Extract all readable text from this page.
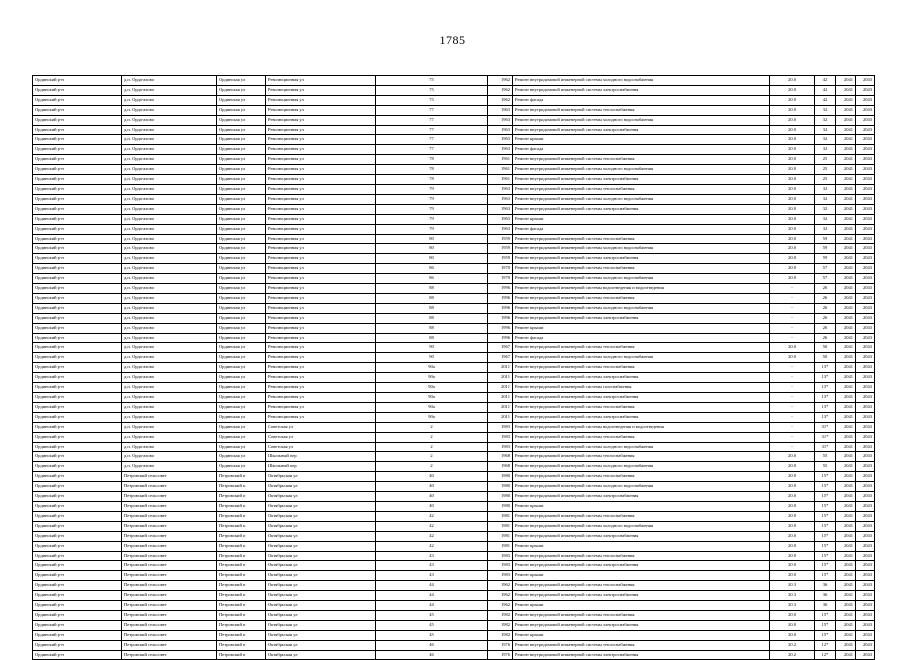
1785
Ординский р-н	д.п. Орда-ахово	Ординская ул	Революционная ул	75	1962	Ремонт внутридомовой инженерной системы холодного водоснабжения	20.0	42	2041	2043
Ординский р-н	д.п. Орда-ахово	Ординская ул	Революционная ул	75	1962	Ремонт внутридомовой инженерной системы электроснабжения	20.0	42	2041	2043
Ординский р-н	д.п. Орда-ахово	Ординская ул	Революционная ул	75	1962	Ремонт фасада	20.0	42	2041	2043
Ординский р-н	д.п. Орда-ахово	Ординская ул	Революционная ул	77	1963	Ремонт внутридомовой инженерной системы теплоснабжения	20.0	32	2041	2043
Ординский р-н	д.п. Орда-ахово	Ординская ул	Революционная ул	77	1963	Ремонт внутридомовой инженерной системы холодного водоснабжения	20.0	32	2041	2043
Ординский р-н	д.п. Орда-ахово	Ординская ул	Революционная ул	77	1963	Ремонт внутридомовой инженерной системы электроснабжения	20.0	32	2041	2043
Ординский р-н	д.п. Орда-ахово	Ординская ул	Революционная ул	77	1963	Ремонт крыши	20.0	32	2041	2043
Ординский р-н	д.п. Орда-ахово	Ординская ул	Революционная ул	77	1963	Ремонт фасада	20.0	32	2041	2043
Ординский р-н	д.п. Орда-ахово	Ординская ул	Революционная ул	78	1961	Ремонт внутридомовой инженерной системы теплоснабжения	20.0	25	2041	2043
Ординский р-н	д.п. Орда-ахово	Ординская ул	Революционная ул	78	1961	Ремонт внутридомовой инженерной системы холодного водоснабжения	20.0	25	2041	2043
Ординский р-н	д.п. Орда-ахово	Ординская ул	Революционная ул	78	1961	Ремонт внутридомовой инженерной системы электроснабжения	20.0	25	2041	2043
Ординский р-н	д.п. Орда-ахово	Ординская ул	Революционная ул	79	1963	Ремонт внутридомовой инженерной системы теплоснабжения	20.0	32	2041	2043
Ординский р-н	д.п. Орда-ахово	Ординская ул	Революционная ул	79	1963	Ремонт внутридомовой инженерной системы холодного водоснабжения	20.0	32	2041	2043
Ординский р-н	д.п. Орда-ахово	Ординская ул	Революционная ул	79	1963	Ремонт внутридомовой инженерной системы электроснабжения	20.0	32	2041	2043
Ординский р-н	д.п. Орда-ахово	Ординская ул	Революционная ул	79	1963	Ремонт крыши	20.0	32	2041	2043
Ординский р-н	д.п. Орда-ахово	Ординская ул	Революционная ул	79	1963	Ремонт фасада	20.0	32	2041	2043
Ординский р-н	д.п. Орда-ахово	Ординская ул	Революционная ул	80	1959	Ремонт внутридомовой инженерной системы теплоснабжения	20.0	59	2041	2043
Ординский р-н	д.п. Орда-ахово	Ординская ул	Революционная ул	80	1959	Ремонт внутридомовой инженерной системы холодного водоснабжения	20.0	59	2041	2043
Ординский р-н	д.п. Орда-ахово	Ординская ул	Революционная ул	80	1959	Ремонт внутридомовой инженерной системы электроснабжения	20.0	59	2041	2043
Ординский р-н	д.п. Орда-ахово	Ординская ул	Революционная ул	86	1970	Ремонт внутридомовой инженерной системы теплоснабжения	20.0	57	2041	2043
Ординский р-н	д.п. Орда-ахово	Ординская ул	Революционная ул	86	1970	Ремонт внутридомовой инженерной системы холодного водоснабжения	20.0	57	2041	2043
Ординский р-н	д.п. Орда-ахово	Ординская ул	Революционная ул	88	1996	Ремонт внутридомовой инженерной системы водоотведения и водоотведения	-	26	2041	2043
Ординский р-н	д.п. Орда-ахово	Ординская ул	Революционная ул	88	1996	Ремонт внутридомовой инженерной системы теплоснабжения	-	26	2041	2043
Ординский р-н	д.п. Орда-ахово	Ординская ул	Революционная ул	88	1996	Ремонт внутридомовой инженерной системы холодного водоснабжения	-	26	2041	2043
Ординский р-н	д.п. Орда-ахово	Ординская ул	Революционная ул	88	1996	Ремонт внутридомовой инженерной системы электроснабжения	-	26	2041	2043
Ординский р-н	д.п. Орда-ахово	Ординская ул	Революционная ул	88	1996	Ремонт крыши	-	26	2041	2043
Ординский р-н	д.п. Орда-ахово	Ординская ул	Революционная ул	88	1996	Ремонт фасада	-	26	2041	2043
Ординский р-н	д.п. Орда-ахово	Ординская ул	Революционная ул	90	1967	Ремонт внутридомовой инженерной системы теплоснабжения	20.0	50	2041	2043
Ординский р-н	д.п. Орда-ахово	Ординская ул	Революционная ул	90	1967	Ремонт внутридомовой инженерной системы холодного водоснабжения	20.0	50	2041	2043
Ординский р-н	д.п. Орда-ахово	Ординская ул	Революционная ул	90а	2011	Ремонт внутридомовой инженерной системы теплоснабжения	-	13*	2041	2043
Ординский р-н	д.п. Орда-ахово	Ординская ул	Революционная ул	90а	2011	Ремонт внутридомовой инженерной системы электроснабжения	-	13*	2041	2043
Ординский р-н	д.п. Орда-ахово	Ординская ул	Революционная ул	90а	2011	Ремонт внутридомовой инженерной системы газоснабжения	-	13*	2041	2043
Ординский р-н	д.п. Орда-ахово	Ординская ул	Революционная ул	90а	2011	Ремонт внутридомовой инженерной системы электроснабжения	-	13*	2041	2043
Ординский р-н	д.п. Орда-ахово	Ординская ул	Революционная ул	90а	2011	Ремонт внутридомовой инженерной системы теплоснабжения	-	13*	2041	2043
Ординский р-н	д.п. Орда-ахово	Ординская ул	Революционная ул	90а	2011	Ремонт внутридомовой инженерной системы электроснабжения	-	13*	2041	2043
Ординский р-н	д.п. Орда-ахово	Ординская ул	Советская ул	2	1983	Ремонт внутридомовой инженерной системы водоотведения и водоотведения	-	31*	2041	2043
Ординский р-н	д.п. Орда-ахово	Ординская ул	Советская ул	2	1983	Ремонт внутридомовой инженерной системы теплоснабжения	-	31*	2041	2043
Ординский р-н	д.п. Орда-ахово	Ординская ул	Советская ул	2	1983	Ремонт внутридомовой инженерной системы холодного водоснабжения	-	31*	2041	2043
Ординский р-н	д.п. Орда-ахово	Ординская ул	Школьный пер	2	1968	Ремонт внутридомовой инженерной системы теплоснабжения	20.0	55	2041	2043
Ординский р-н	д.п. Орда-ахово	Ординская ул	Школьный пер	2	1968	Ремонт внутридомовой инженерной системы холодного водоснабжения	20.0	55	2041	2043
Ординский р-н	Петровский сельсовет	Петровский п	Октябрьская ул	40	1980	Ремонт внутридомовой инженерной системы теплоснабжения	20.0	15*	2041	2043
Ординский р-н	Петровский сельсовет	Петровский п	Октябрьская ул	40	1980	Ремонт внутридомовой инженерной системы холодного водоснабжения	20.0	15*	2041	2043
Ординский р-н	Петровский сельсовет	Петровский п	Октябрьская ул	40	1980	Ремонт внутридомовой инженерной системы электроснабжения	20.0	15*	2041	2043
Ординский р-н	Петровский сельсовет	Петровский п	Октябрьская ул	40	1980	Ремонт крыши	20.0	15*	2041	2043
Ординский р-н	Петровский сельсовет	Петровский п	Октябрьская ул	42	1981	Ремонт внутридомовой инженерной системы теплоснабжения	20.0	15*	2041	2043
Ординский р-н	Петровский сельсовет	Петровский п	Октябрьская ул	42	1981	Ремонт внутридомовой инженерной системы холодного водоснабжения	20.0	15*	2041	2043
Ординский р-н	Петровский сельсовет	Петровский п	Октябрьская ул	42	1981	Ремонт внутридомовой инженерной системы электроснабжения	20.0	15*	2041	2043
Ординский р-н	Петровский сельсовет	Петровский п	Октябрьская ул	42	1981	Ремонт крыши	20.0	15*	2041	2043
Ординский р-н	Петровский сельсовет	Петровский п	Октябрьская ул	43	1983	Ремонт внутридомовой инженерной системы теплоснабжения	20.0	15*	2041	2043
Ординский р-н	Петровский сельсовет	Петровский п	Октябрьская ул	43	1983	Ремонт внутридомовой инженерной системы электроснабжения	20.0	15*	2041	2043
Ординский р-н	Петровский сельсовет	Петровский п	Октябрьская ул	43	1983	Ремонт крыши	20.0	15*	2041	2043
Ординский р-н	Петровский сельсовет	Петровский п	Октябрьская ул	44	1962	Ремонт внутридомовой инженерной системы теплоснабжения	20.3	36	2041	2043
Ординский р-н	Петровский сельсовет	Петровский п	Октябрьская ул	44	1962	Ремонт внутридомовой инженерной системы электроснабжения	20.3	36	2041	2043
Ординский р-н	Петровский сельсовет	Петровский п	Октябрьская ул	44	1962	Ремонт крыши	20.3	36	2041	2043
Ординский р-н	Петровский сельсовет	Петровский п	Октябрьская ул	45	1982	Ремонт внутридомовой инженерной системы теплоснабжения	20.0	15*	2041	2043
Ординский р-н	Петровский сельсовет	Петровский п	Октябрьская ул	45	1982	Ремонт внутридомовой инженерной системы электроснабжения	20.0	15*	2041	2043
Ординский р-н	Петровский сельсовет	Петровский п	Октябрьская ул	45	1982	Ремонт крыши	20.0	15*	2041	2043
Ординский р-н	Петровский сельсовет	Петровский п	Октябрьская ул	46	1976	Ремонт внутридомовой инженерной системы теплоснабжения	20.2	12*	2041	2043
Ординский р-н	Петровский сельсовет	Петровский п	Октябрьская ул	46	1976	Ремонт внутридомовой инженерной системы электроснабжения	20.2	12*	2041	2043
